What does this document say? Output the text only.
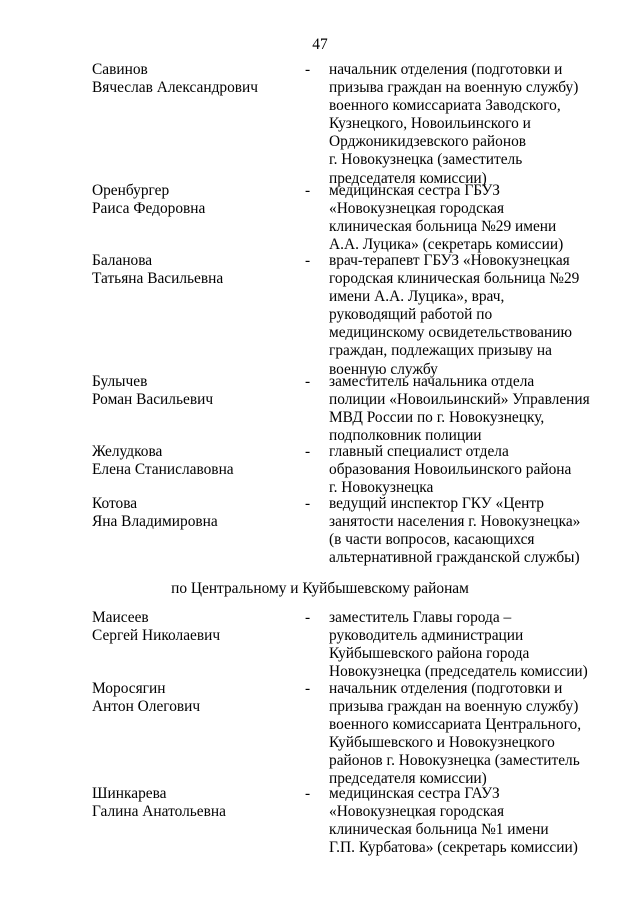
47
Савинов
Вячеслав Александрович
- начальник отделения (подготовки и
призыва граждан на военную службу)
военного комиссариата Заводского,
Кузнецкого, Новоильинского и
Орджоникидзевского районов
г. Новокузнецка (заместитель
председателя комиссии)
Оренбургер
Раиса Федоровна
- медицинская сестра ГБУЗ
«Новокузнецкая городская
клиническая больница №29 имени
А.А. Луцика» (секретарь комиссии)
Баланова
Татьяна Васильевна
- врач-терапевт ГБУЗ «Новокузнецкая
городская клиническая больница №29
имени А.А. Луцика», врач,
руководящий работой по
медицинскому освидетельствованию
граждан, подлежащих призыву на
военную службу
Булычев
Роман Васильевич
- заместитель начальника отдела
полиции «Новоильинский» Управления
МВД России по г. Новокузнецку,
подполковник полиции
Желудкова
Елена Станиславовна
- главный специалист отдела
образования Новоильинского района
г. Новокузнецка
Котова
Яна Владимировна
- ведущий инспектор ГКУ «Центр
занятости населения г. Новокузнецка»
(в части вопросов, касающихся
альтернативной гражданской службы)
по Центральному и Куйбышевскому районам
Маисеев
Сергей Николаевич
- заместитель Главы города –
руководитель администрации
Куйбышевского района города
Новокузнецка (председатель комиссии)
Моросягин
Антон Олегович
- начальник отделения (подготовки и
призыва граждан на военную службу)
военного комиссариата Центрального,
Куйбышевского и Новокузнецкого
районов г. Новокузнецка (заместитель
председателя комиссии)
Шинкарева
Галина Анатольевна
- медицинская сестра ГАУЗ
«Новокузнецкая городская
клиническая больница №1 имени
Г.П. Курбатова» (секретарь комиссии)
